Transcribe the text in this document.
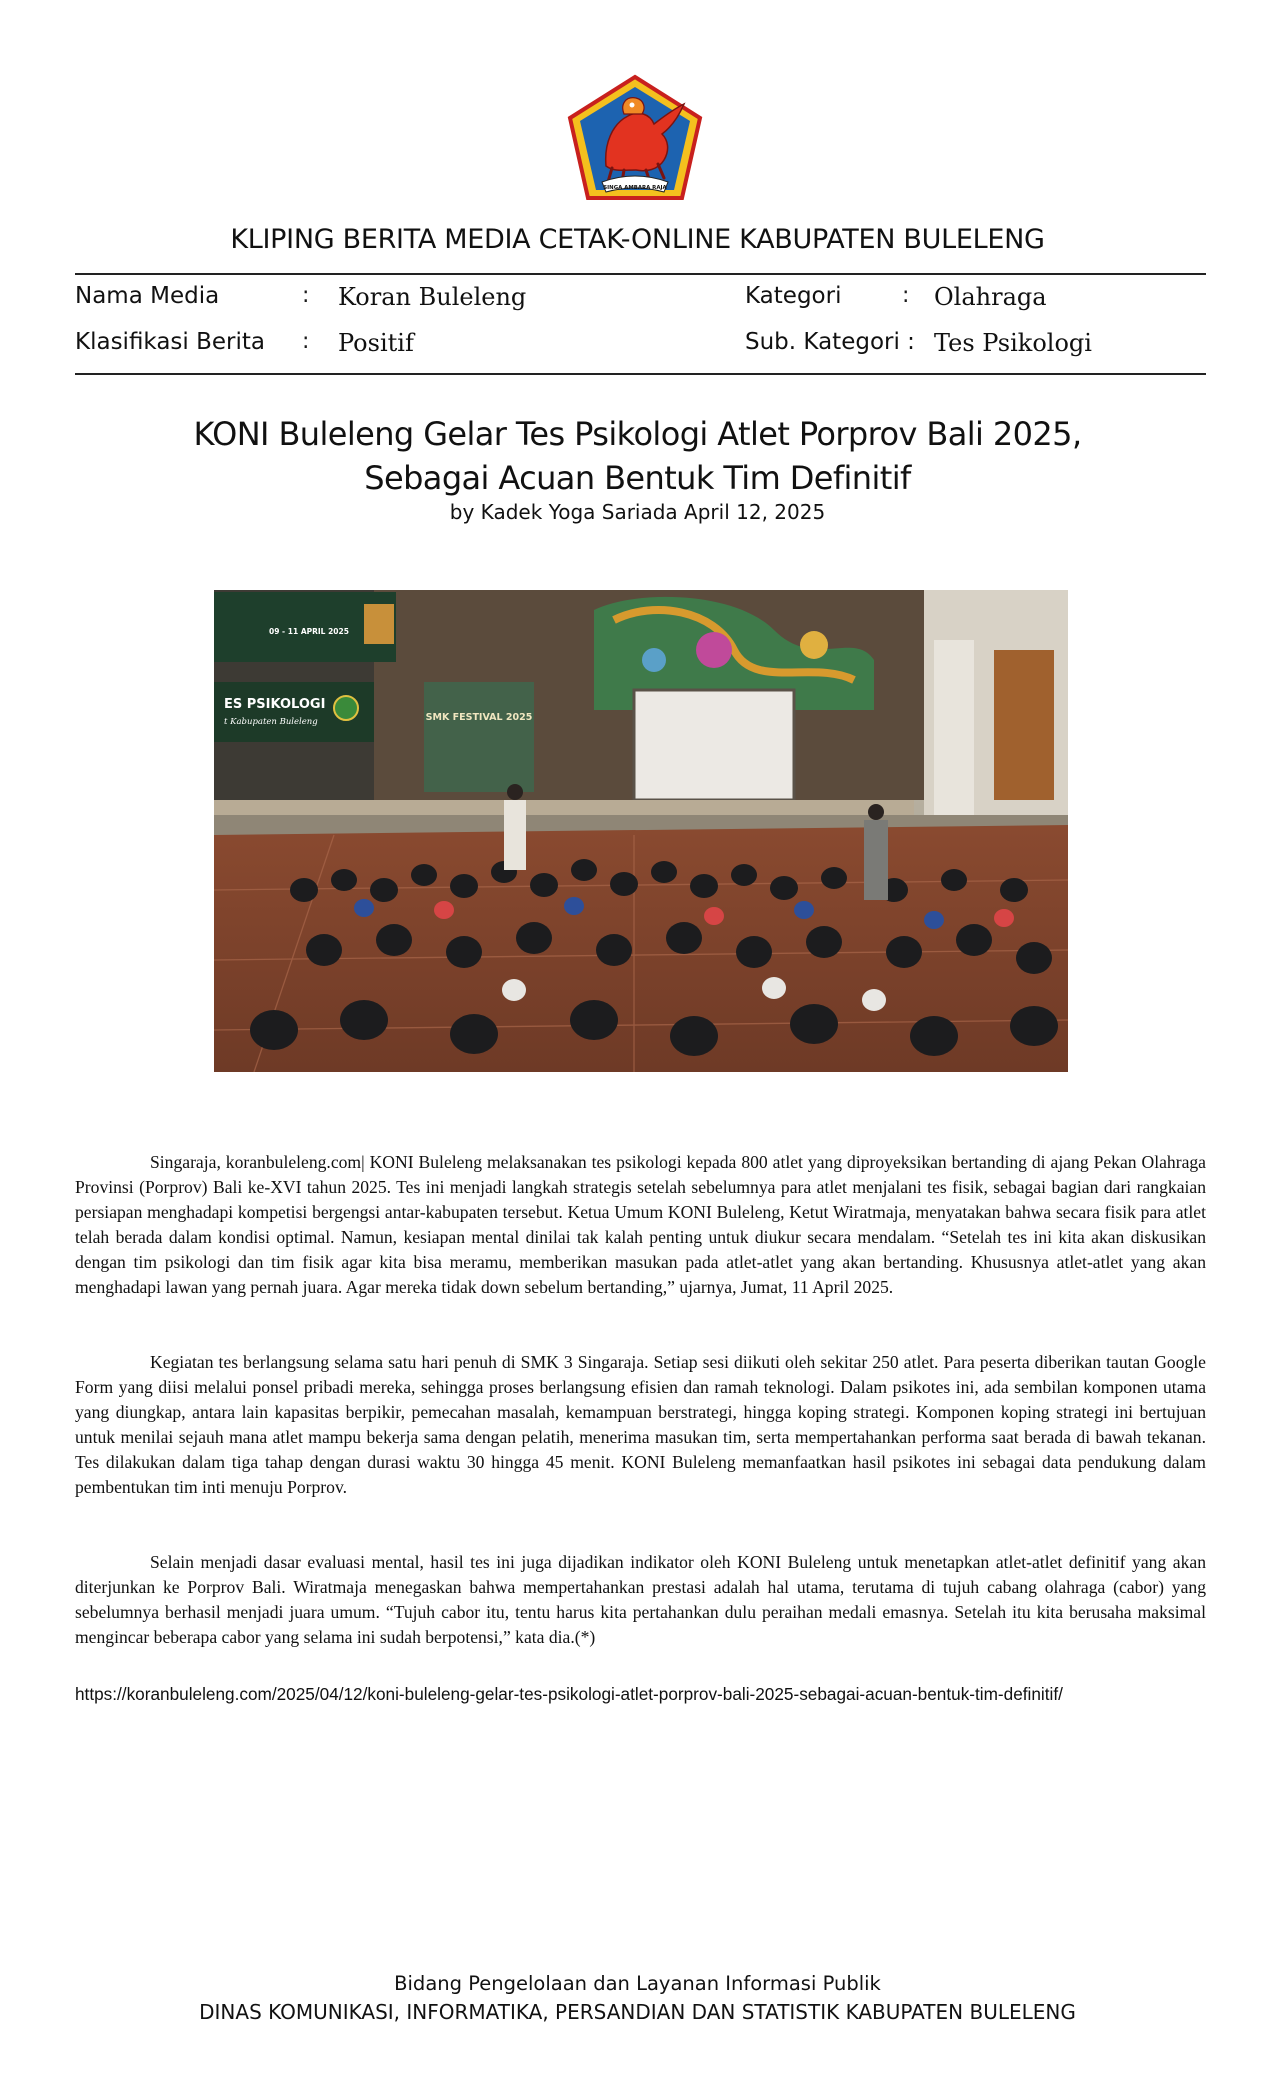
SINGA AMBARA RAJA
KLIPING BERITA MEDIA CETAK-ONLINE KABUPATEN BULELENG
Nama Media	: Koran Buleleng	Kategori	: Olahraga
Klasifikasi Berita : Positif	Sub. Kategori : Tes Psikologi
KONI Buleleng Gelar Tes Psikologi Atlet Porprov Bali 2025,
Sebagai Acuan Bentuk Tim Definitif
by Kadek Yoga Sariada April 12, 2025
09 - 11 APRIL 2025
ES PSIKOLOGI
t Kabupaten Buleleng	SMK FESTIVAL 2025

Singaraja, koranbuleleng.com| KONI Buleleng melaksanakan tes psikologi kepada 800 atlet yang diproyeksikan bertanding di ajang Pekan Olahraga Provinsi (Porprov) Bali ke-XVI tahun 2025. Tes ini menjadi langkah strategis setelah sebelumnya para atlet menjalani tes fisik, sebagai bagian dari rangkaian persiapan menghadapi kompetisi bergengsi antar-kabupaten tersebut. Ketua Umum KONI Buleleng, Ketut Wiratmaja, menyatakan bahwa secara fisik para atlet telah berada dalam kondisi optimal. Namun, kesiapan mental dinilai tak kalah penting untuk diukur secara mendalam. “Setelah tes ini kita akan diskusikan dengan tim psikologi dan tim fisik agar kita bisa meramu, memberikan masukan pada atlet-atlet yang akan bertanding. Khususnya atlet-atlet yang akan menghadapi lawan yang pernah juara. Agar mereka tidak down sebelum bertanding,” ujarnya, Jumat, 11 April 2025.

Kegiatan tes berlangsung selama satu hari penuh di SMK 3 Singaraja. Setiap sesi diikuti oleh sekitar 250 atlet. Para peserta diberikan tautan Google Form yang diisi melalui ponsel pribadi mereka, sehingga proses berlangsung efisien dan ramah teknologi. Dalam psikotes ini, ada sembilan komponen utama yang diungkap, antara lain kapasitas berpikir, pemecahan masalah, kemampuan berstrategi, hingga koping strategi. Komponen koping strategi ini bertujuan untuk menilai sejauh mana atlet mampu bekerja sama dengan pelatih, menerima masukan tim, serta mempertahankan performa saat berada di bawah tekanan. Tes dilakukan dalam tiga tahap dengan durasi waktu 30 hingga 45 menit. KONI Buleleng memanfaatkan hasil psikotes ini sebagai data pendukung dalam pembentukan tim inti menuju Porprov.

Selain menjadi dasar evaluasi mental, hasil tes ini juga dijadikan indikator oleh KONI Buleleng untuk menetapkan atlet-atlet definitif yang akan diterjunkan ke Porprov Bali. Wiratmaja menegaskan bahwa mempertahankan prestasi adalah hal utama, terutama di tujuh cabang olahraga (cabor) yang sebelumnya berhasil menjadi juara umum. “Tujuh cabor itu, tentu harus kita pertahankan dulu peraihan medali emasnya. Setelah itu kita berusaha maksimal mengincar beberapa cabor yang selama ini sudah berpotensi,” kata dia.(*)

https://koranbuleleng.com/2025/04/12/koni-buleleng-gelar-tes-psikologi-atlet-porprov-bali-2025-sebagai-acuan-bentuk-tim-definitif/
Bidang Pengelolaan dan Layanan Informasi Publik
DINAS KOMUNIKASI, INFORMATIKA, PERSANDIAN DAN STATISTIK KABUPATEN BULELENG
